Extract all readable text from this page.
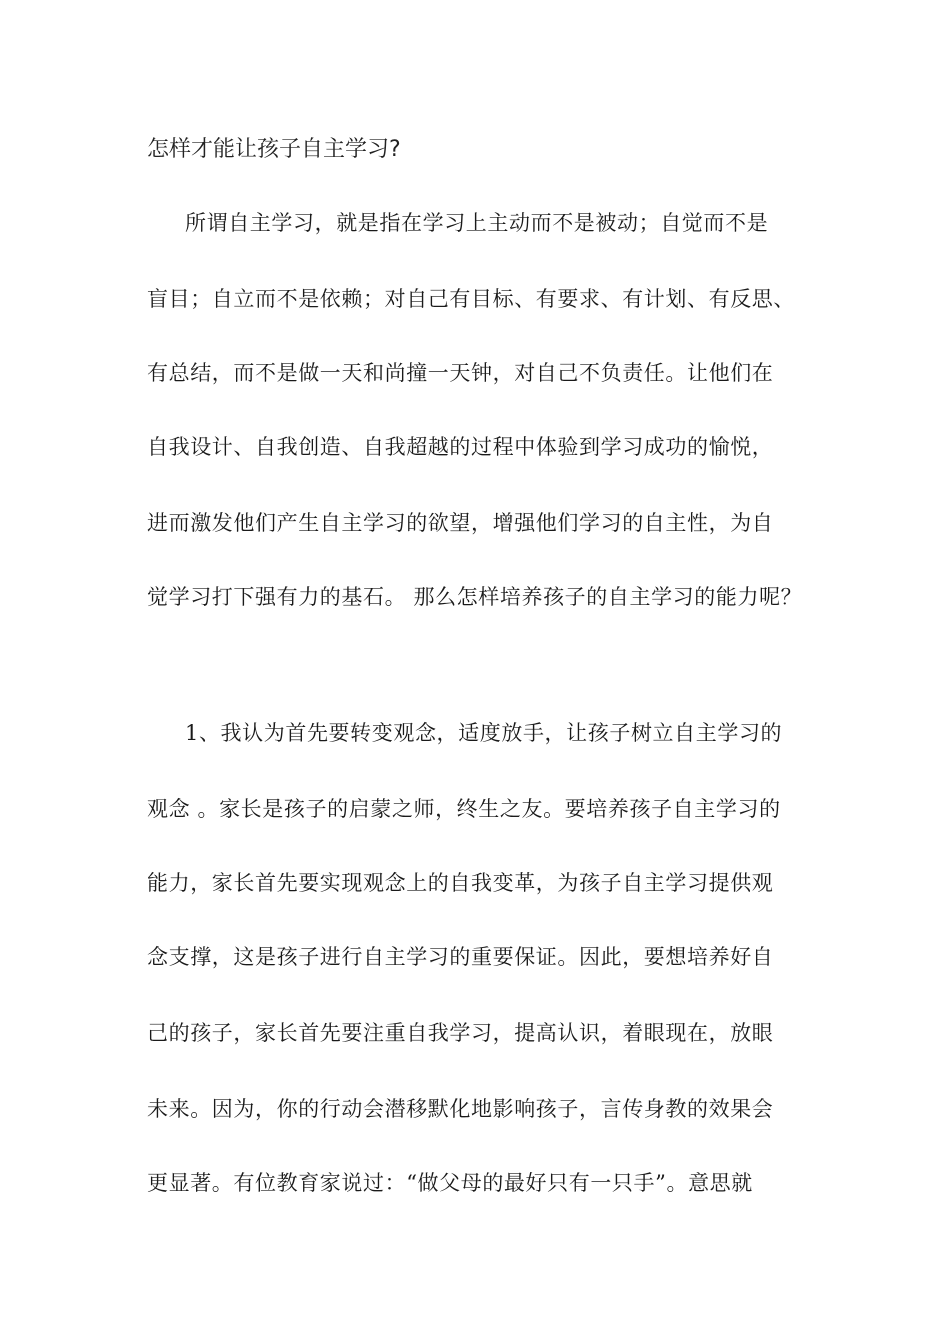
怎样才能让孩子自主学习?
所谓自主学习，就是指在学习上主动而不是被动；自觉而不是
盲目；自立而不是依赖；对自己有目标、有要求、有计划、有反思、
有总结，而不是做一天和尚撞一天钟，对自己不负责任。让他们在
自我设计、自我创造、自我超越的过程中体验到学习成功的愉悦，
进而激发他们产生自主学习的欲望，增强他们学习的自主性，为自
觉学习打下强有力的基石。 那么怎样培养孩子的自主学习的能力呢？
1、我认为首先要转变观念，适度放手，让孩子树立自主学习的
观念 。家长是孩子的启蒙之师，终生之友。要培养孩子自主学习的
能力，家长首先要实现观念上的自我变革，为孩子自主学习提供观
念支撑，这是孩子进行自主学习的重要保证。因此，要想培养好自
己的孩子，家长首先要注重自我学习，提高认识，着眼现在，放眼
未来。因为，你的行动会潜移默化地影响孩子，言传身教的效果会
更显著。有位教育家说过：“做父母的最好只有一只手”。意思就
